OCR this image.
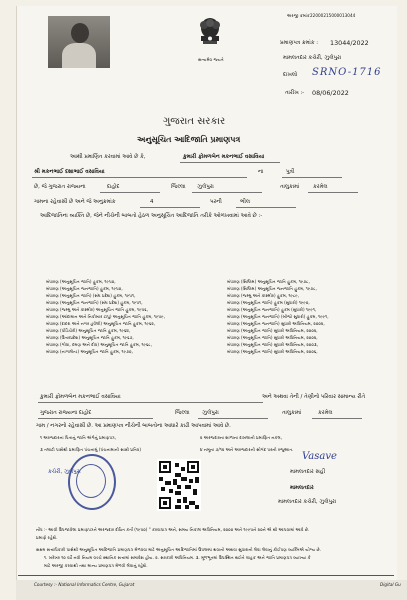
સત્યમેવ જયતે
અરજી ક્રમાંક :
22000215000013044
પ્રમાણપત્ર ક્રમાંક : 13044/2022
મામલતદાર કચેરી, ઝુલેપુરા
દાખલો SRNO-1716
તારીખ :- 08/06/2022
ગુજરાત સરકાર
અનુસૂચિત આદિજાતિ પ્રમાણપત્ર
આથી પ્રમાણિત કરવામાં આવે છે કે,	કુમારી ફોમળબેન મકનભાઈ વસાવિયા
શ્રી મકનભાઈ દશાભાઈ વસાવિયા	ના	પુત્રી
છે, જે ગુજરાત રાજ્યના	દાહોદ	જિલ્લા ઝુલેપુરા	તાલુકામાં	કરમેલ
ગામના રહેવાસી છે અને જે અનુક્રમાંક	4	પરની	ભીલ
આદિજાતિના વ્યક્તિ છે, જેને નીચેની બાબતો હેઠળ અનુસૂચિત આદિજાતિ તરીકે ઓળખવામાં આવે છે :-
બંધારણ (અનુસૂચિત જાતિ) હુકમ, ૧૯૫૦,
બંધારણ (અનુસૂચિત જનજાતિ) હુકમ, ૧૯૫૦,
બંધારણ (અનુસૂચિત જાતિ) (સંઘ પ્રદેશ) હુકમ, ૧૯૫૧,
બંધારણ (અનુસૂચિત જનજાતિ) (સંઘ પ્રદેશ) હુકમ, ૧૯૫૧,
બંધારણ (જમ્મુ અને કાશ્મીર) અનુસૂચિત જાતિ હુકમ, ૧૯૫૬,
બંધારણ (આંદામાન અને નિકોબાર ટાપુ) અનુસૂચિત જાતિ હુકમ, ૧૯૫૯,
બંધારણ (દાદરા અને નગર હવેલી) અનુસૂચિત જાતિ હુકમ, ૧૯૬૨,
બંધારણ (પોંડિચેરી) અનુસૂચિત જાતિ હુકમ, ૧૯૬૪,
બંધારણ (ઉત્તરપ્રદેશ) અનુસૂચિત જાતિ હુકમ, ૧૯૬૭,
બંધારણ (ગોવા, દમણ અને દીવ) અનુસૂચિત જાતિ હુકમ, ૧૯૬૮,
બંધારણ (નાગાલેન્ડ) અનુસૂચિત જાતિ હુકમ, ૧૯૭૦,
બંધારણ (સિક્કિમ) અનુસૂચિત જાતિ હુકમ, ૧૯૭૮,
બંધારણ (સિક્કિમ) અનુસૂચિત જનજાતિ હુકમ, ૧૯૭૮,
બંધારણ (જમ્મુ અને કાશ્મીર) હુકમ, ૧૯૮૯,
બંધારણ (અનુસૂચિત જાતિ) હુકમ (સુધારો) ૧૯૯૦,
બંધારણ (અનુસૂચિત જનજાતિ) હુકમ (સુધારો) ૧૯૯૧,
બંધારણ (અનુસૂચિત જનજાતિ) (બીજો સુધારો) હુકમ, ૧૯૯૧,
બંધારણ (અનુસૂચિત જનજાતિ) સુધારો અધિનિયમ, ૨૦૦૨,
બંધારણ (અનુસૂચિત જાતિ) સુધારો અધિનિયમ, ૨૦૦૨,
બંધારણ (અનુસૂચિત જાતિ) સુધારો અધિનિયમ, ૨૦૦૨,
બંધારણ (અનુસૂચિત જાતિ) સુધારો અધિનિયમ, ૨૦૦૩,
બંધારણ (અનુસૂચિત જાતિ) સુધારો અધિનિયમ, ૨૦૦૬,
કુમારી ફોમળબેન મકનભાઈ વસાવિયા	અને અથવા તેની / તેણીનો પરિવાર સામાન્ય રીતે
ગુજરાત રાજ્યના દાહોદ	જિલ્લા ઝુલેપુરા	તાલુકામાં	કરમેલ
ગામ / નગરનો રહેવાસી છે. આ પ્રમાણપત્ર નીચેની બાબતોના આધારે કાઢી આપવામાં આવે છે.
૧ અરજદારના પિતાનું જાતિ અંગેનું પ્રમાણપત્ર,	૨ અરજદારના શાળાના દાખલાની પ્રમાણિત નકલ,
૩ તલાટી પાસેથી પ્રમાણિત પંચનામું (પંચનામાની સાક્ષી પ્રતિવ)	૪ નમૂના ૭/૧૨ અને અરજદારની સોગંદ પરની રજુઆત.
કચેરી, ઝુલેપુરા
Vasave
મામલતદાર સહી
મામલતદાર
મામલતદાર કચેરી, ઝુલેપુરા
નોંધ :- આવી ઉપજાવેલા પ્રમાણપત્રને અરજદાર દોષિત કર્તા (૧૯૫૦) " કરવાપાત્ર અને, સમય નિકાલ અધિનિયમ, ૨૦૦૦ અને ૧૯૯૫ને ૨૦ને એ થી આપવામાં આવે છે.
પ્રમાણે રહેશે.
સક્ષમ સત્તાધિકારી પાસેથી અનુસૂચિત આદિજાતિ પ્રમાણપત્ર મેળવવા માટે અનુસૂચિત આદિજાતિમાં ઉપલબ્ધ થવાનો અથવા સુધારાનો લેવા લેવાનું કોઈપણ વ્યક્તિએ યોગ્ય છે.
૧. ખરેખર ૧૦ વર્ષે નવી નિયમ વચ્ચે સ્થાનિક સત્તામાં સમાવેશ હોય. ૨. સરકારી અધિનિયમ. ૩. મૂળભૂતમાં ઉપસ્થિત થઈને ગ્રાહક અને જાતિ પ્રમાણપત્ર વ્યાખ્યા કે
માટે અરજી કરવાથી તથા માન્ય પ્રમાણપત્ર મેળવી લેવાનું રહેશે.
Courtesy :- National Informatics Centre, Gujarat	Digital Gu
